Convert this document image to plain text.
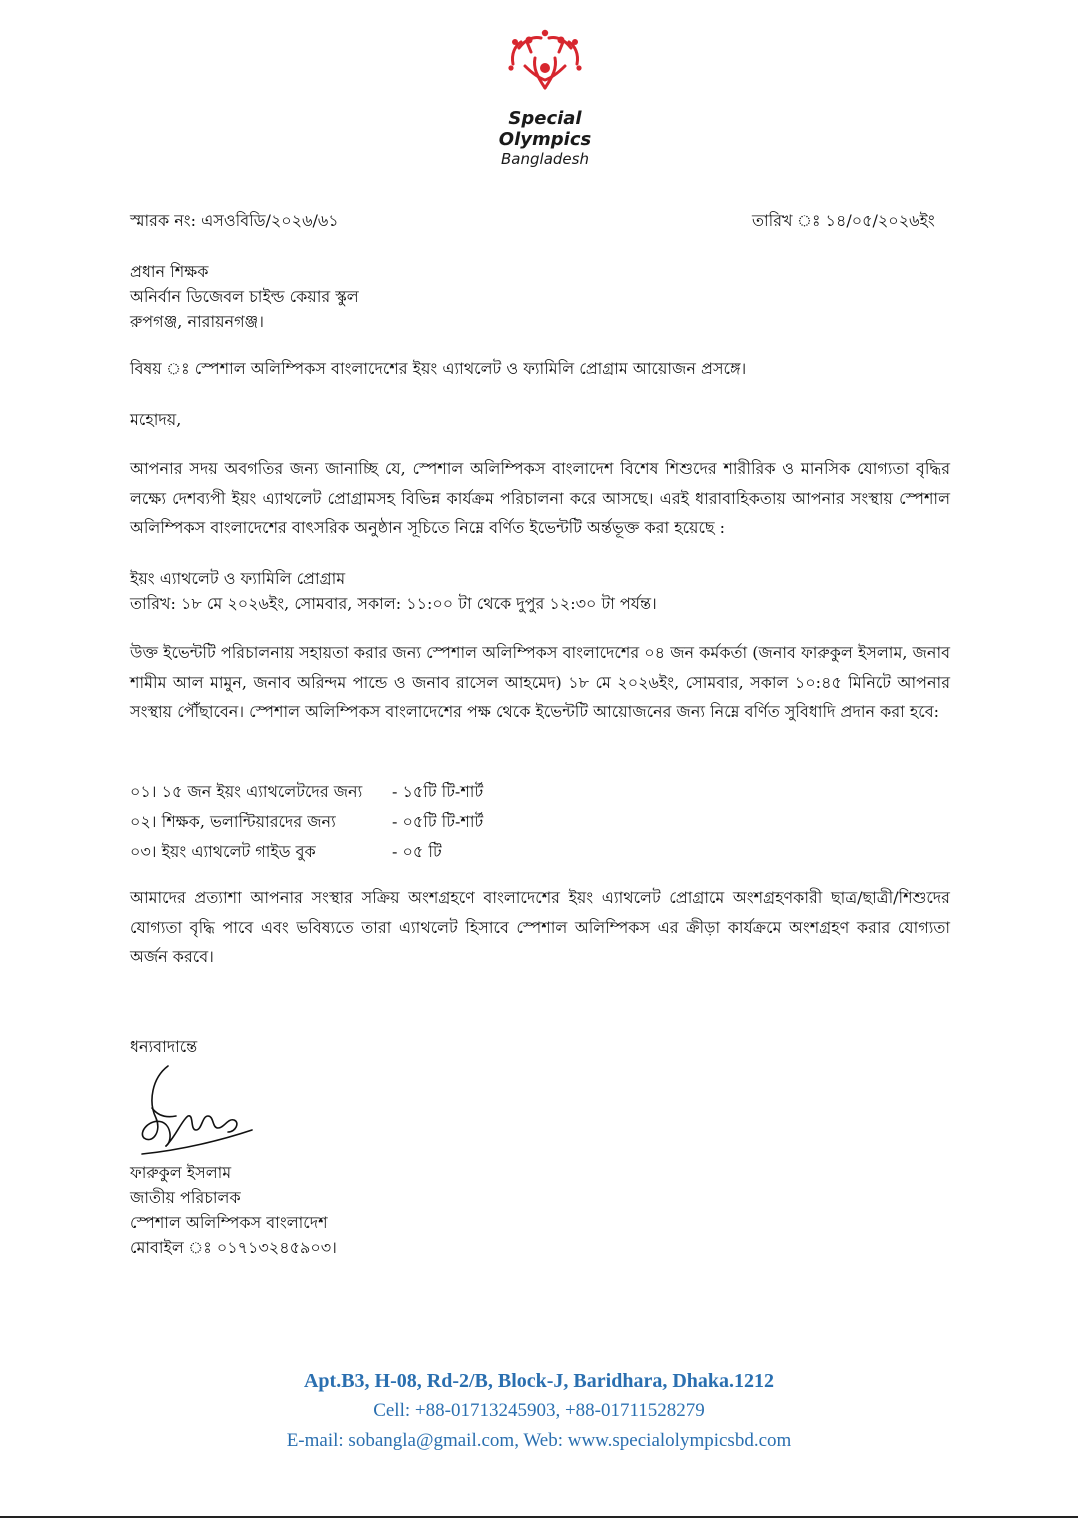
Special
Olympics
Bangladesh
স্মারক নং: এসওবিডি/২০২৬/৬১	তারিখ ঃ ১৪/০৫/২০২৬ইং
প্রধান শিক্ষক
অনির্বান ডিজেবল চাইল্ড কেয়ার স্কুল
রুপগঞ্জ, নারায়নগঞ্জ।
বিষয় ঃ স্পেশাল অলিম্পিকস বাংলাদেশের ইয়ং এ্যাথলেট ও ফ্যামিলি প্রোগ্রাম আয়োজন প্রসঙ্গে।
মহোদয়,
আপনার সদয় অবগতির জন্য জানাচ্ছি যে, স্পেশাল অলিম্পিকস বাংলাদেশ বিশেষ শিশুদের শারীরিক ও মানসিক যোগ্যতা বৃদ্ধির লক্ষ্যে দেশব্যপী ইয়ং এ্যাথলেট প্রোগ্রামসহ বিভিন্ন কার্যক্রম পরিচালনা করে আসছে। এরই ধারাবাহিকতায় আপনার সংস্থায় স্পেশাল অলিম্পিকস বাংলাদেশের বাৎসরিক অনুষ্ঠান সূচিতে নিম্নে বর্ণিত ইভেন্টটি অর্ন্তভূক্ত করা হয়েছে :
ইয়ং এ্যাথলেট ও ফ্যামিলি প্রোগ্রাম
তারিখ: ১৮ মে ২০২৬ইং, সোমবার, সকাল: ১১:০০ টা থেকে দুপুর ১২:৩০ টা পর্যন্ত।
উক্ত ইভেন্টটি পরিচালনায় সহায়তা করার জন্য স্পেশাল অলিম্পিকস বাংলাদেশের ০৪ জন কর্মকর্তা (জনাব ফারুকুল ইসলাম, জনাব শামীম আল মামুন, জনাব অরিন্দম পান্ডে ও জনাব রাসেল আহমেদ) ১৮ মে ২০২৬ইং, সোমবার, সকাল ১০:৪৫ মিনিটে আপনার সংস্থায় পৌঁছাবেন। স্পেশাল অলিম্পিকস বাংলাদেশের পক্ষ থেকে ইভেন্টটি আয়োজনের জন্য নিম্নে বর্ণিত সুবিধাদি প্রদান করা হবে:
০১। ১৫ জন ইয়ং এ্যাথলেটদের জন্য - ১৫টি টি-শার্ট
০২। শিক্ষক, ভলান্টিয়ারদের জন্য	- ০৫টি টি-শার্ট
০৩। ইয়ং এ্যাথলেট গাইড বুক	- ০৫ টি
আমাদের প্রত্যাশা আপনার সংস্থার সক্রিয় অংশগ্রহণে বাংলাদেশের ইয়ং এ্যাথলেট প্রোগ্রামে অংশগ্রহণকারী ছাত্র/ছাত্রী/শিশুদের যোগ্যতা বৃদ্ধি পাবে এবং ভবিষ্যতে তারা এ্যাথলেট হিসাবে স্পেশাল অলিম্পিকস এর ক্রীড়া কার্যক্রমে অংশগ্রহণ করার যোগ্যতা অর্জন করবে।
ধন্যবাদান্তে
ফারুকুল ইসলাম
জাতীয় পরিচালক
স্পেশাল অলিম্পিকস বাংলাদেশ
মোবাইল ঃ ০১৭১৩২৪৫৯০৩।
Apt.B3, H-08, Rd-2/B, Block-J, Baridhara, Dhaka.1212
Cell: +88-01713245903, +88-01711528279
E-mail: sobangla@gmail.com, Web: www.specialolympicsbd.com
